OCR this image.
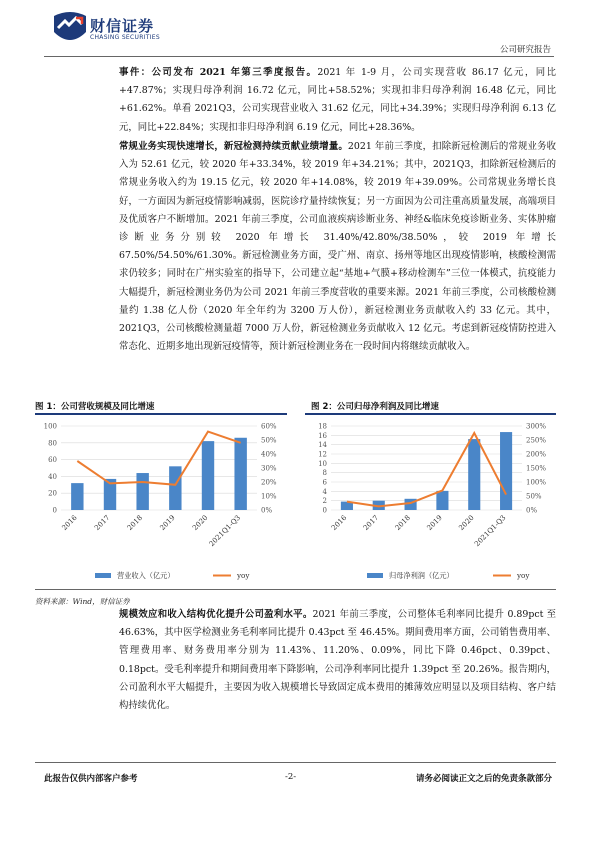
财信证券
CHASING SECURITIES
公司研究报告
事件：公司发布 2021 年第三季度报告。2021 年 1-9 月，公司实现营收 86.17 亿元，同比+47.87%；实现归母净利润 16.72 亿元，同比+58.52%；实现扣非归母净利润 16.48 亿元，同比+61.62%。单看 2021Q3，公司实现营业收入 31.62 亿元，同比+34.39%；实现归母净利润 6.13 亿元，同比+22.84%；实现扣非归母净利润 6.19 亿元，同比+28.36%。
常规业务实现快速增长，新冠检测持续贡献业绩增量。2021 年前三季度，扣除新冠检测后的常规业务收入为 52.61 亿元，较 2020 年+33.34%，较 2019 年+34.21%；其中，2021Q3，扣除新冠检测后的常规业务收入约为 19.15 亿元，较 2020 年+14.08%，较 2019 年+39.09%。公司常规业务增长良好，一方面因为新冠疫情影响减弱，医院诊疗量持续恢复；另一方面因为公司注重高质量发展，高端项目及优质客户不断增加。2021 年前三季度，公司血液疾病诊断业务、神经&临床免疫诊断业务、实体肿瘤诊断业务分别较 2020 年增长 31.40%/42.80%/38.50%，较 2019 年增长 67.50%/54.50%/61.30%。新冠检测业务方面，受广州、南京、扬州等地区出现疫情影响，核酸检测需求仍较多；同时在广州实验室的指导下，公司建立起“基地+气膜+移动检测车”三位一体模式，抗疫能力大幅提升，新冠检测业务仍为公司 2021 年前三季度营收的重要来源。2021 年前三季度，公司核酸检测量约 1.38 亿人份（2020 年全年约为 3200 万人份），新冠检测业务贡献收入约 33 亿元。其中，2021Q3，公司核酸检测量超 7000 万人份，新冠检测业务贡献收入 12 亿元。考虑到新冠疫情防控进入常态化、近期多地出现新冠疫情等，预计新冠检测业务在一段时间内将继续贡献收入。
图 1：公司营收规模及同比增速	图 2：公司归母净利润及同比增速
0
20
40
60
80
100
0%
10%
20%
30%
40%
50%
60%
2016 2017 2018 2019 2020
2021Q1-Q3
营业收入（亿元）	yoy
0
2
4
6
8
10
12
14
16
18
0%
50%
100%
150%
200%
250%
300%
2016 2017 2018 2019 2020
2021Q1-Q3
归母净利润（亿元）	yoy
资料来源：Wind，财信证券
规模效应和收入结构优化提升公司盈利水平。2021 年前三季度，公司整体毛利率同比提升 0.89pct 至 46.63%，其中医学检测业务毛利率同比提升 0.43pct 至 46.45%。期间费用率方面，公司销售费用率、管理费用率、财务费用率分别为 11.43%、11.20%、0.09%，同比下降 0.46pct、0.39pct、0.18pct。受毛利率提升和期间费用率下降影响，公司净利率同比提升 1.39pct 至 20.26%。报告期内，公司盈利水平大幅提升，主要因为收入规模增长导致固定成本费用的摊薄效应明显以及项目结构、客户结构持续优化。
此报告仅供内部客户参考	-2-	请务必阅读正文之后的免责条款部分
